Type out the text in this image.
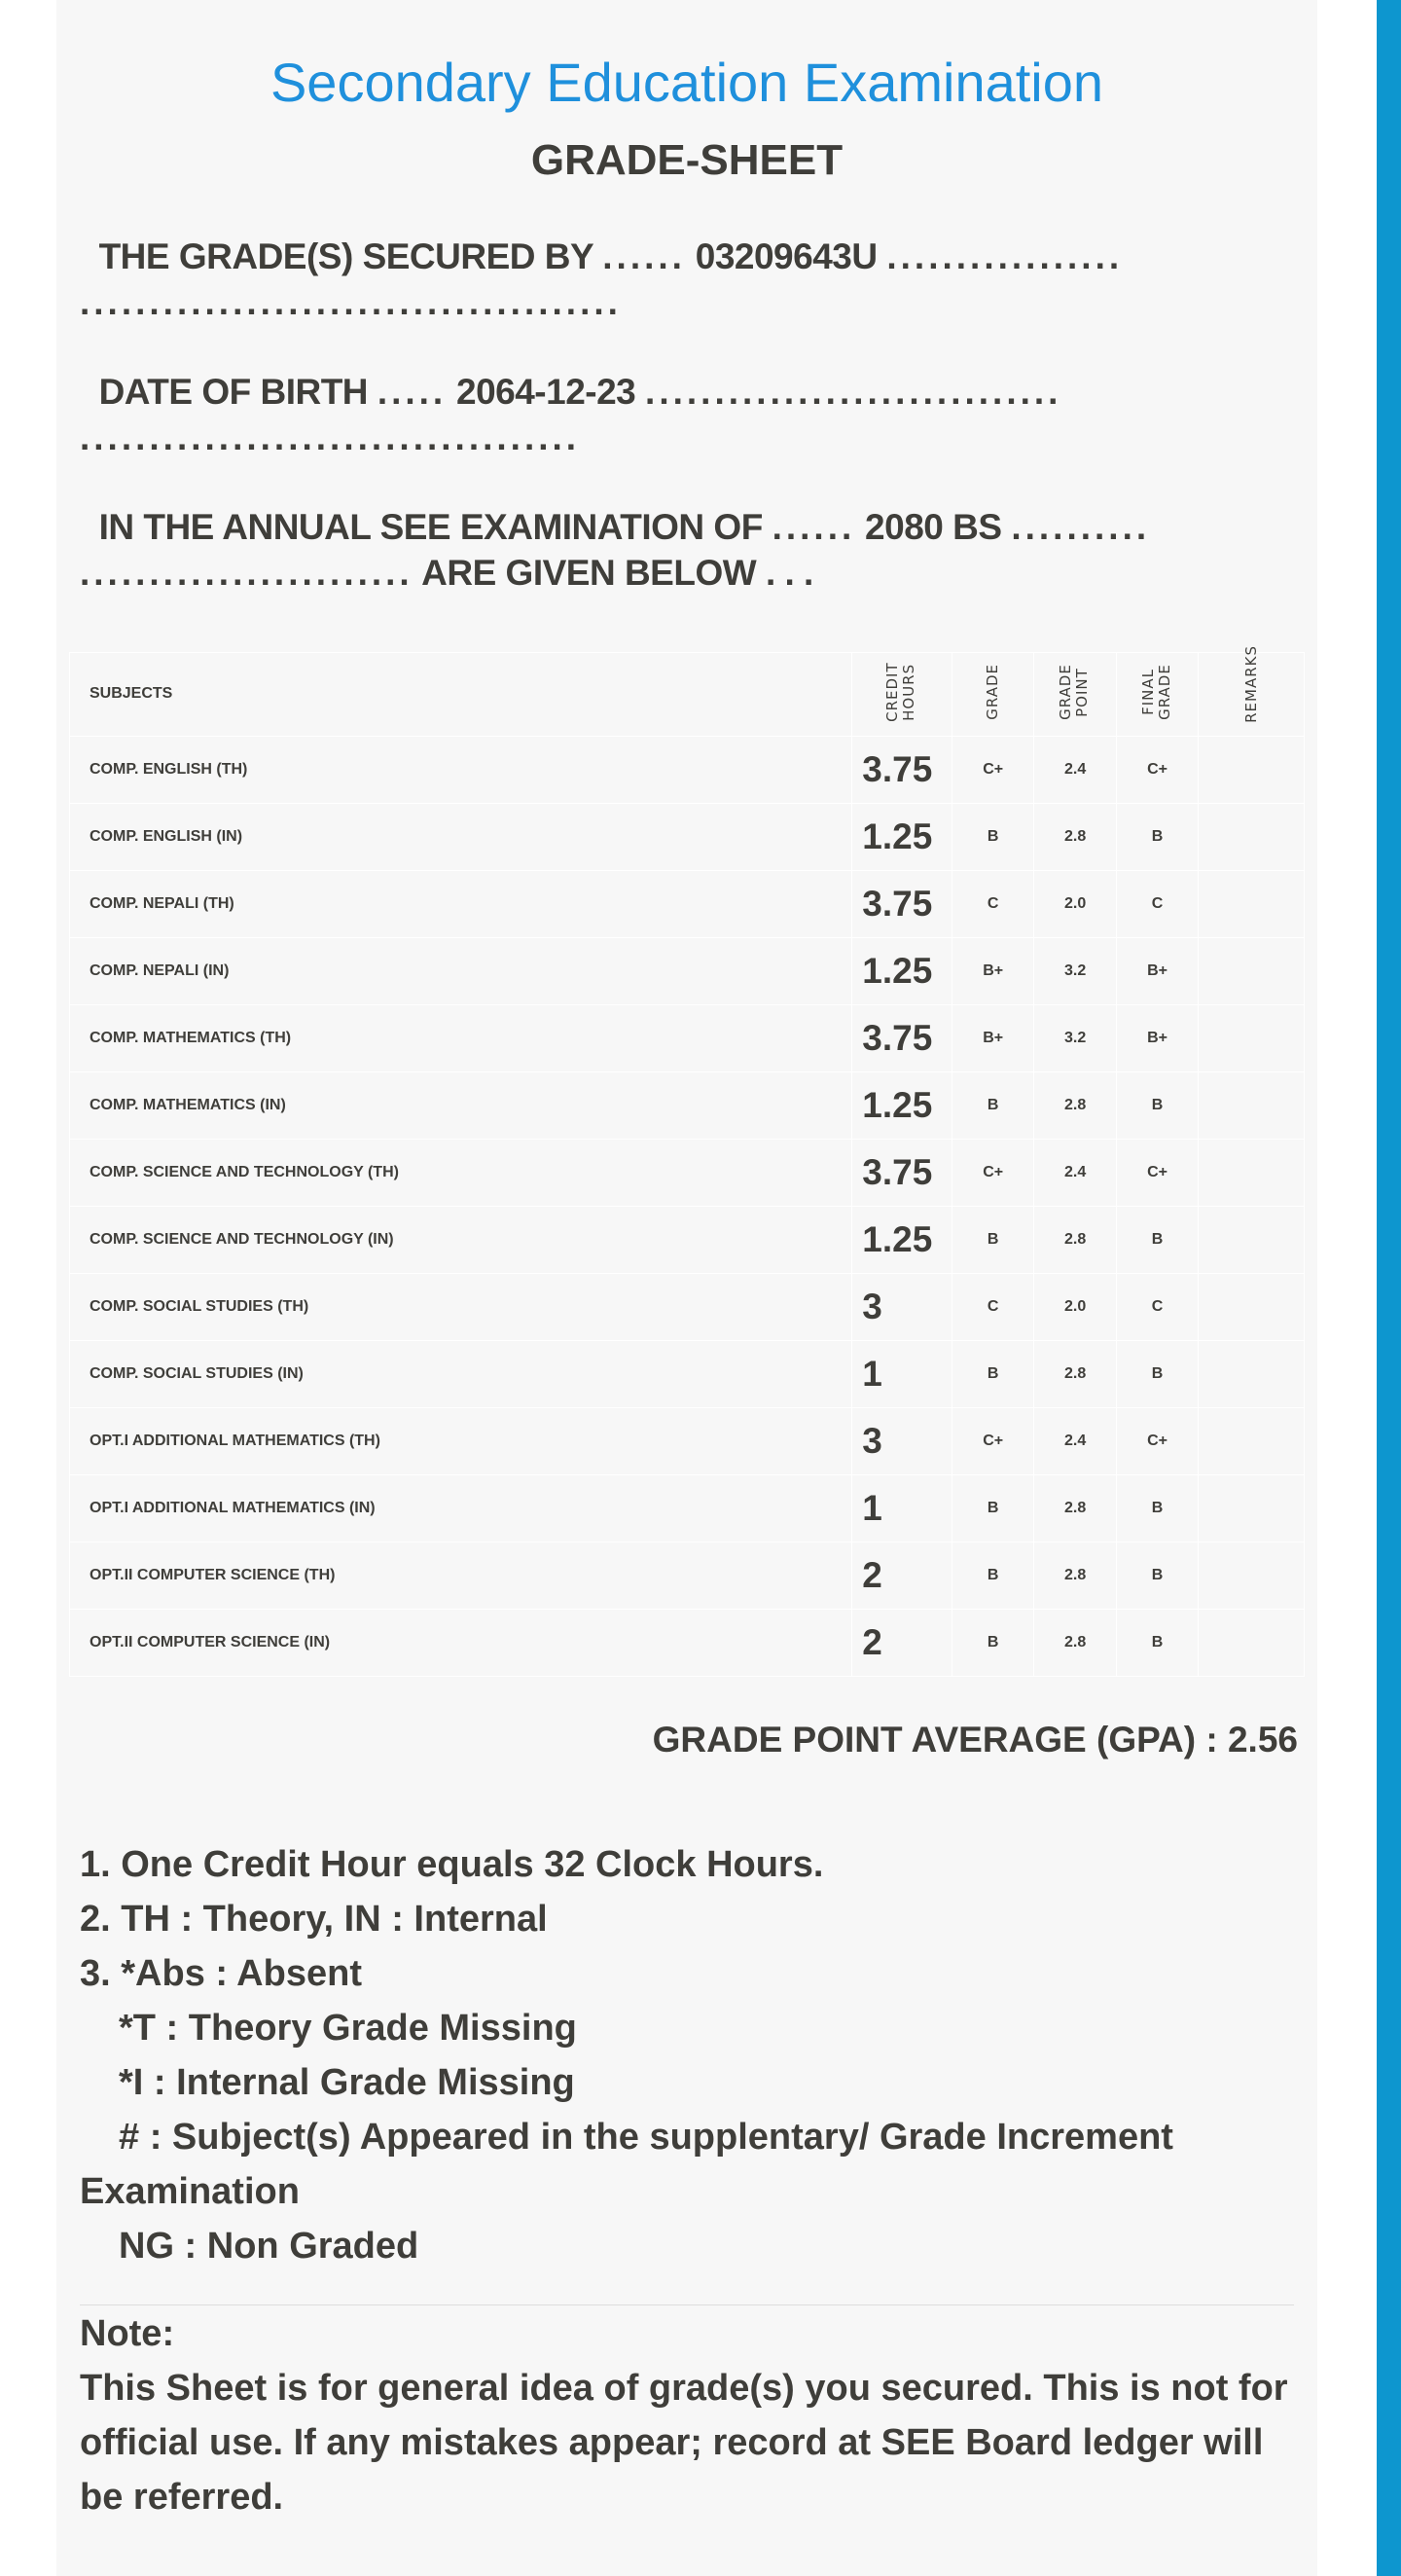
Secondary Education Examination
GRADE-SHEET
THE GRADE(S) SECURED BY ...... 03209643U .................
.......................................
DATE OF BIRTH ..... 2064-12-23 ..............................
....................................
IN THE ANNUAL SEE EXAMINATION OF ...... 2080 BS ..........
........................ ARE GIVEN BELOW . . .
SUBJECTS	CREDIT HOURS	GRADE	GRADE POINT	FINAL GRADE	REMARKS
COMP. ENGLISH (TH)	3.75	C+	2.4	C+	
COMP. ENGLISH (IN)	1.25	B	2.8	B	
COMP. NEPALI (TH)	3.75	C	2.0	C	
COMP. NEPALI (IN)	1.25	B+	3.2	B+	
COMP. MATHEMATICS (TH)	3.75	B+	3.2	B+	
COMP. MATHEMATICS (IN)	1.25	B	2.8	B	
COMP. SCIENCE AND TECHNOLOGY (TH)	3.75	C+	2.4	C+	
COMP. SCIENCE AND TECHNOLOGY (IN)	1.25	B	2.8	B	
COMP. SOCIAL STUDIES (TH)	3	C	2.0	C	
COMP. SOCIAL STUDIES (IN)	1	B	2.8	B	
OPT.I ADDITIONAL MATHEMATICS (TH)	3	C+	2.4	C+	
OPT.I ADDITIONAL MATHEMATICS (IN)	1	B	2.8	B	
OPT.II COMPUTER SCIENCE (TH)	2	B	2.8	B	
OPT.II COMPUTER SCIENCE (IN)	2	B	2.8	B	
GRADE POINT AVERAGE (GPA) : 2.56
1. One Credit Hour equals 32 Clock Hours.
2. TH : Theory, IN : Internal
3. *Abs : Absent
*T : Theory Grade Missing
*I : Internal Grade Missing
# : Subject(s) Appeared in the supplentary/ Grade Increment Examination
NG : Non Graded
Note:
This Sheet is for general idea of grade(s) you secured. This is not for official use. If any mistakes appear; record at SEE Board ledger will be referred.
